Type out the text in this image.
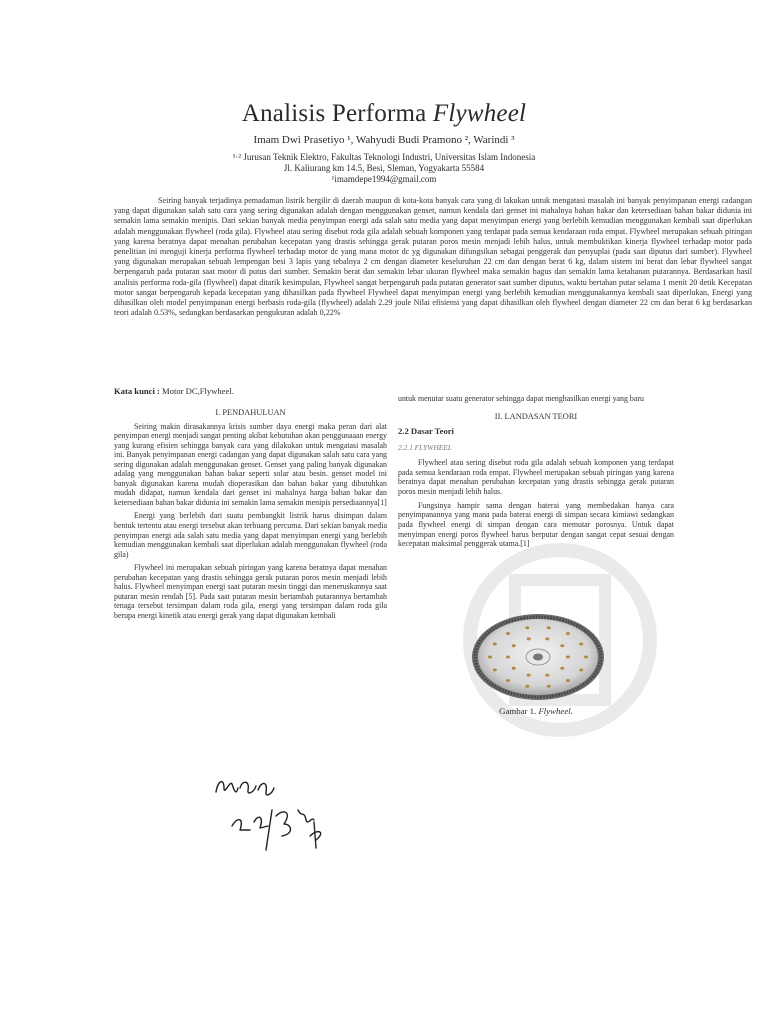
Analisis Performa Flywheel
Imam Dwi Prasetiyo ¹, Wahyudi Budi Pramono ², Warindi ³
¹·² Jurusan Teknik Elektro, Fakultas Teknologi Industri, Universitas Islam Indonesia
Jl. Kaliurang km 14.5, Besi, Sleman, Yogyakarta 55584
¹imamdepe1994@gmail.com

Seiring banyak terjadinya pemadaman listrik bergilir di daerah maupun di kota-kota banyak cara yang di lakukan untuk mengatasi masalah ini banyak penyimpanan energi cadangan yang dapat digunakan salah satu cara yang sering digunakan adalah dengan menggunakan genset, namun kendala dari genset ini mahalnya bahan bakar dan ketersediaan bahan bakar didunia ini semakin lama semakin menipis. Dari sekian banyak media penyimpan energi ada salah satu media yang dapat menyimpan energi yang berlebih kemudian menggunakan kembali saat diperlukan adalah menggunakan flywheel (roda gila). Flywheel atau sering disebut roda gila adalah sebuah komponen yang terdapat pada semua kendaraan roda empat. Flywheel merupakan sebuah piringan yang karena beratnya dapat menahan perubahan kecepatan yang drastis sehingga gerak putaran poros mesin menjadi lebih halus, untuk membuktikan kinerja flywheel terhadap motor pada penelitian ini menguji kinerja performa flywheel terhadap motor dc yang mana motor dc yg digunakan difungsikan sebagai penggerak dan penyuplai (pada saat diputus dari sumber). Flywheel yang digunakan merupakan sebuah lempengan besi 3 lapis yang tebalnya 2 cm dengan diameter keseluruhan 22 cm dan dengan berat 6 kg, dalam sistem ini berat dan lebar flywheel sangat berpengaruh pada putaran saat motor di putus dari sumber. Semakin berat dan semakin lebar ukuran flywheel maka semakin bagus dan semakin lama ketahanan putarannya. Berdasarkan hasil analisis performa roda-gila (flywheel) dapat ditarik kesimpulan, Flywheel sangat berpengaruh pada putaran generator saat sumber diputus, waktu bertahan putar selama 1 menit 20 detik Kecepatan motor sangat berpengaruh kepada kecepatan yang dihasilkan pada flywheel Flywheel dapat menyimpan energi yang berlebih kemudian menggunakannya kembali saat diperlukan, Energi yang dihasilkan oleh model penyimpanan energi berbasis roda-gila (flywheel) adalah 2.29 joule Nilai efisiensi yang dapat dihasilkan oleh flywheel dengan diameter 22 cm dan berat 6 kg berdasarkan teori adalah 0.53%, sedangkan berdasarkan pengukuran adalah 0,22%

Kata kunci : Motor DC,Flywheel.

I. PENDAHULUAN

Seiring makin dirasakannya krisis sumber daya energi maka peran dari alat penyimpan energi menjadi sangat penting akibat kebutuhan akan penggunaaan energy yang kurang efisien sehingga banyak cara yang dilakukan untuk mengatasi masalah ini. Banyak penyimpanan energi cadangan yang dapat digunakan salah satu cara yang sering digunakan adalah menggunakan genset. Genset yang paling banyak digunakan adalag yang menggunakan bahan bakar seperti solar atau besin. genset model ini banyak digunakan karena mudah dioperasikan dan bahan bakar yang dibutuhkan mudah didapat, namun kendala dari genset ini mahalnya harga bahan bakar dan ketersediaan bahan bakar didunia ini semakin lama semakin menipis persediaannya[1]

Energi yang berlebih dari suatu pembangkit listrik harus disimpan dalam bentuk tertentu atau energi tersebut akan terbuang percuma. Dari sekian banyak media penyimpan energi ada salah satu media yang dapat menyimpan energi yang berlebih kemudian menggunakan kembali saat diperlukan adalah menggunakan flywheel (roda gila)

Flywheel ini merupakan sebuah piringan yang karena beratnya dapat menahan perubahan kecepatan yang drastis sehingga gerak putaran poros mesin menjadi lebih halus. Flywheel menyimpan energi saat putaran mesin tinggi dan meneruskannya saat putaran mesin rendah [5]. Pada saat putaran mesin bertambah putarannya bertambah tenaga tersebut tersimpan dalam roda gila, energi yang tersimpan dalam roda gila berupa energi kinetik atau energi gerak yang dapat digunakan kembali

untuk menutar suatu generator sehingga dapat menghasilkan energi yang baru

II. LANDASAN TEORI

2.2 Dasar Teori

2.2.1 FLYWHEEL

Flywheel atau sering disebut roda gila adalah sebuah komponen yang terdapat pada semua kendaraan roda empat. Flywheel merupakan sebuah piringan yang karena beratnya dapat menahan perubahan kecepatan yang drastis sehingga gerak putaran poros mesin menjadi lebih halus.

Fungsinya hampir sama dengan baterai yang membedakan hanya cara penyimpanannya yang mana pada baterai energi di simpan secara kimiawi sedangkan pada flywheel energi di simpan dengan cara memutar porosnya. Untuk dapat menyimpan energi poros flywheel harus berputar dengan sangat cepat sesuai dengan kecepatan maksimal penggerak utama.[1]

Gambar 1. Flywheel.
